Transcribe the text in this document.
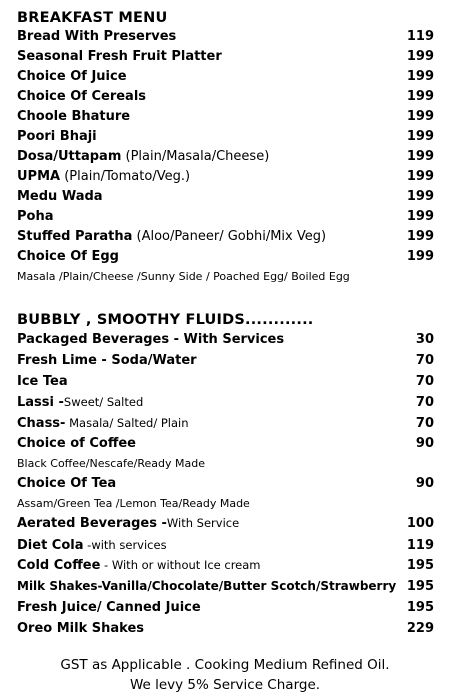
BREAKFAST MENU
Bread With Preserves	119
Seasonal Fresh Fruit Platter	199
Choice Of Juice	199
Choice Of Cereals	199
Choole Bhature	199
Poori Bhaji	199
Dosa/Uttapam (Plain/Masala/Cheese)	199
UPMA (Plain/Tomato/Veg.)	199
Medu Wada	199
Poha	199
Stuffed Paratha (Aloo/Paneer/ Gobhi/Mix Veg)	199
Choice Of Egg	199
Masala /Plain/Cheese /Sunny Side / Poached Egg/ Boiled Egg
BUBBLY , SMOOTHY FLUIDS............
Packaged Beverages - With Services	30
Fresh Lime - Soda/Water	70
Ice Tea	70
Lassi -Sweet/ Salted	70
Chass- Masala/ Salted/ Plain	70
Choice of Coffee	90
Black Coffee/Nescafe/Ready Made
Choice Of Tea	90
Assam/Green Tea /Lemon Tea/Ready Made
Aerated Beverages -With Service	100
Diet Cola -with services	119
Cold Coffee - With or without Ice cream	195
Milk Shakes-Vanilla/Chocolate/Butter Scotch/Strawberry 195
Fresh Juice/ Canned Juice	195
Oreo Milk Shakes	229
GST as Applicable . Cooking Medium Refined Oil.
We levy 5% Service Charge.
